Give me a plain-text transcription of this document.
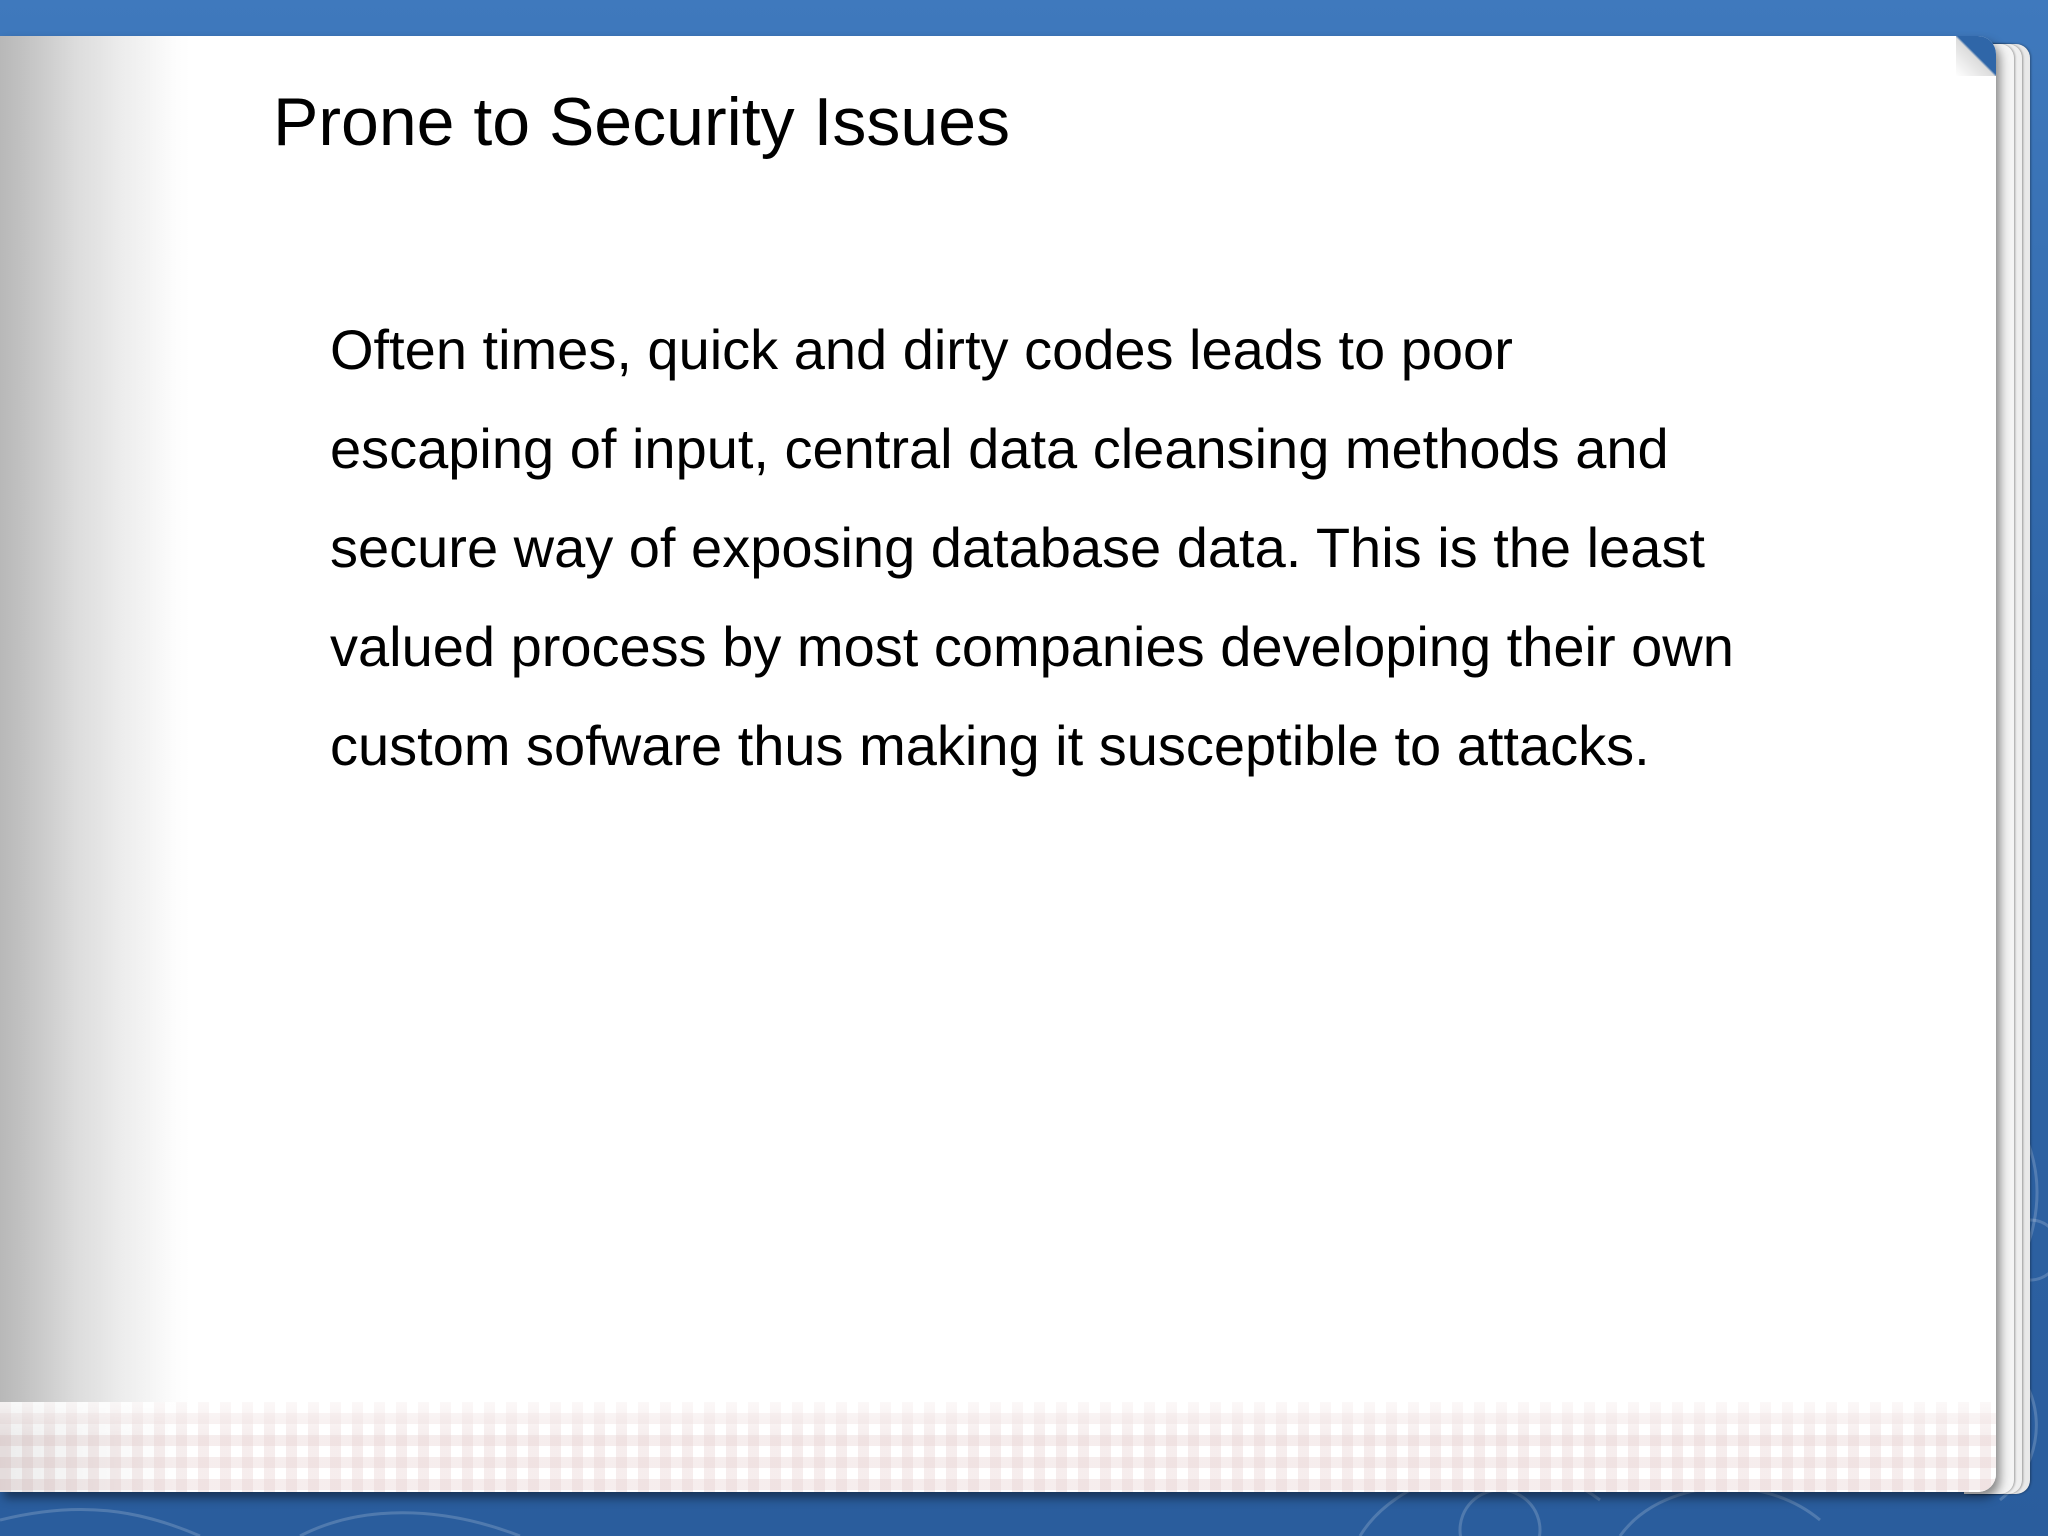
Prone to Security Issues

Often times, quick and dirty codes leads to poor escaping of input, central data cleansing methods and secure way of exposing database data. This is the least valued process by most companies developing their own custom sofware thus making it susceptible to attacks.
